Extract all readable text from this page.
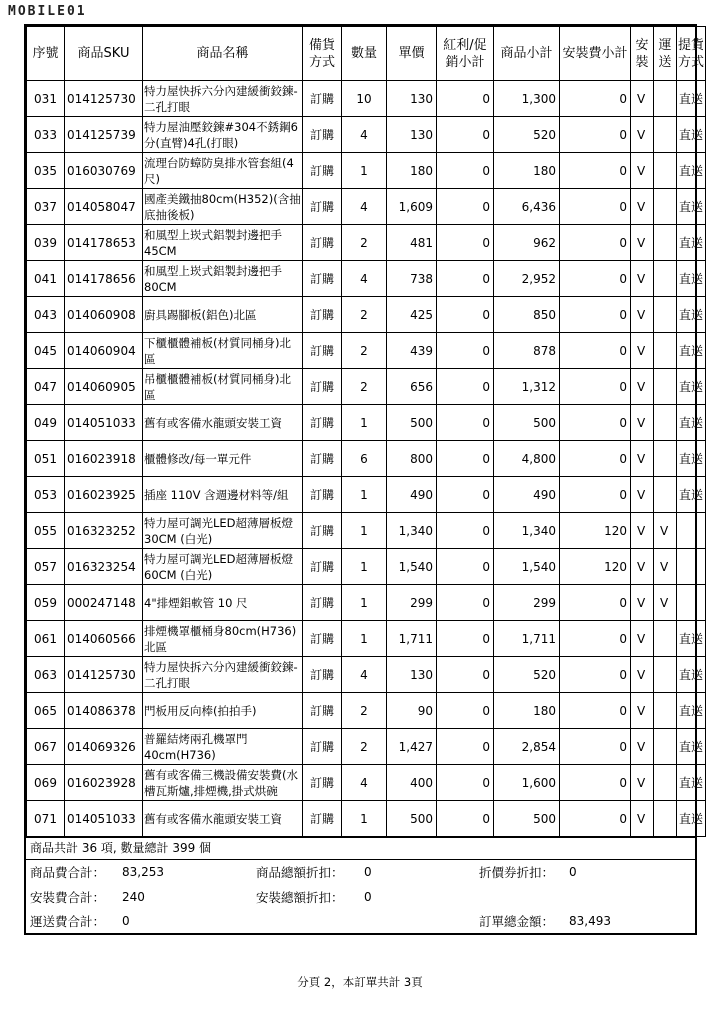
MOBILE01
序號	商品SKU	商品名稱	備貨方式	數量	單價	紅利/促銷小計	商品小計	安裝費小計	安裝	運送	提貨方式
031	014125730	特力屋快拆六分內建緩衝鉸鍊-二孔打眼	訂購	10	130	0	1,300	0	V		直送
033	014125739	特力屋油壓鉸鍊#304不銹鋼6分(直臂)4孔(打眼)	訂購	4	130	0	520	0	V		直送
035	016030769	流理台防蟑防臭排水管套組(4尺)	訂購	1	180	0	180	0	V		直送
037	014058047	國產美鐵抽80cm(H352)(含抽底抽後板)	訂購	4	1,609	0	6,436	0	V		直送
039	014178653	和風型上崁式鋁製封邊把手45CM	訂購	2	481	0	962	0	V		直送
041	014178656	和風型上崁式鋁製封邊把手80CM	訂購	4	738	0	2,952	0	V		直送
043	014060908	廚具踢腳板(鋁色)北區	訂購	2	425	0	850	0	V		直送
045	014060904	下櫃櫃體補板(材質同桶身)北區	訂購	2	439	0	878	0	V		直送
047	014060905	吊櫃櫃體補板(材質同桶身)北區	訂購	2	656	0	1,312	0	V		直送
049	014051033	舊有或客備水龍頭安裝工資	訂購	1	500	0	500	0	V		直送
051	016023918	櫃體修改/每一單元件	訂購	6	800	0	4,800	0	V		直送
053	016023925	插座 110V 含週邊材料等/組	訂購	1	490	0	490	0	V		直送
055	016323252	特力屋可調光LED超薄層板燈30CM (白光)	訂購	1	1,340	0	1,340	120	V	V	
057	016323254	特力屋可調光LED超薄層板燈60CM (白光)	訂購	1	1,540	0	1,540	120	V	V	
059	000247148	4"排煙鋁軟管 10 尺	訂購	1	299	0	299	0	V	V	
061	014060566	排煙機罩櫃桶身80cm(H736)北區	訂購	1	1,711	0	1,711	0	V		直送
063	014125730	特力屋快拆六分內建緩衝鉸鍊-二孔打眼	訂購	4	130	0	520	0	V		直送
065	014086378	門板用反向棒(拍拍手)	訂購	2	90	0	180	0	V		直送
067	014069326	普羅結烤兩孔機罩門40cm(H736)	訂購	2	1,427	0	2,854	0	V		直送
069	016023928	舊有或客備三機設備安裝費(水槽瓦斯爐,排煙機,掛式烘碗	訂購	4	400	0	1,600	0	V		直送
071	014051033	舊有或客備水龍頭安裝工資	訂購	1	500	0	500	0	V		直送
商品共計 36 項, 數量總計 399 個
商品費合計： 83,253
安裝費合計： 240
運送費合計： 0
商品總額折扣： 0
安裝總額折扣： 0
折價券折扣： 0
訂單總金額： 83,493
分頁 2，本訂單共計 3頁
